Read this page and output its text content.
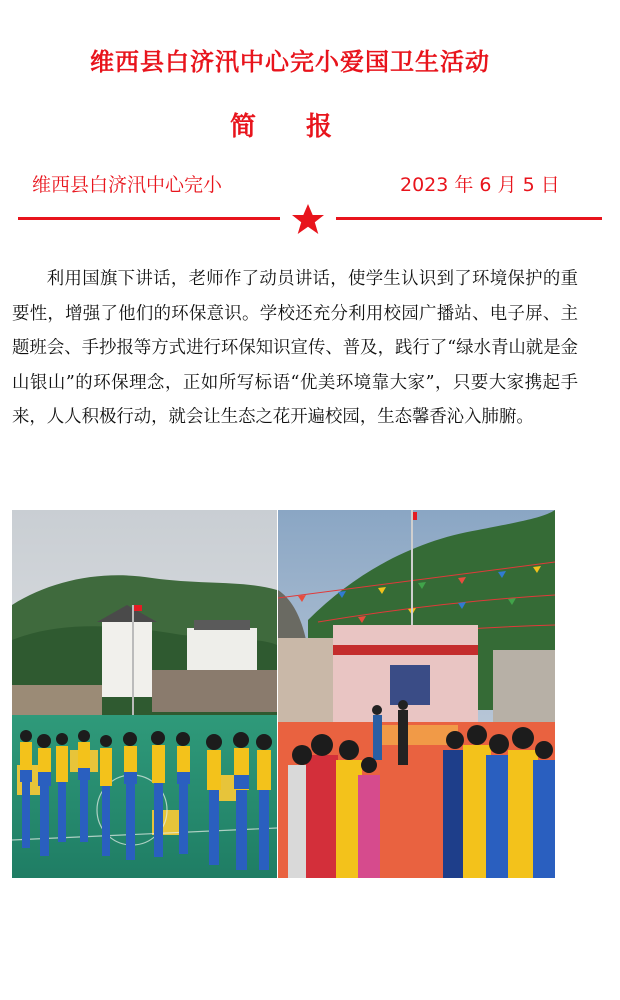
维西县白济汛中心完小爱国卫生活动
简报
维西县白济汛中心完小	2023 年 6 月 5 日

利用国旗下讲话，老师作了动员讲话，使学生认识到了环境保护的重要性，增强了他们的环保意识。学校还充分利用校园广播站、电子屏、主题班会、手抄报等方式进行环保知识宣传、普及，践行了“绿水青山就是金山银山”的环保理念，正如所写标语“优美环境靠大家”，只要大家携起手来，人人积极行动，就会让生态之花开遍校园，生态馨香沁入肺腑。
